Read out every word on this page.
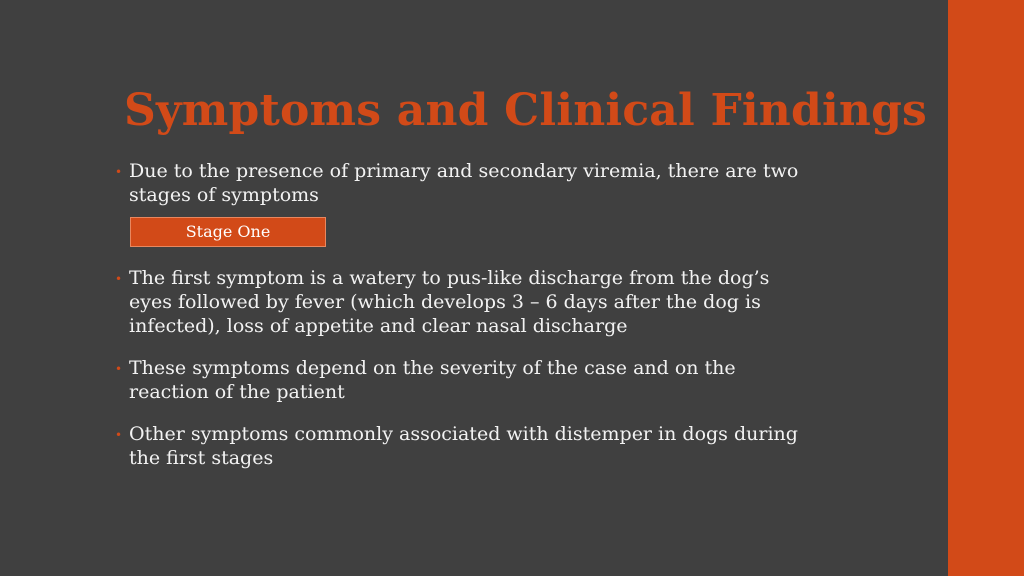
Symptoms and Clinical Findings
• Due to the presence of primary and secondary viremia, there are two
stages of symptoms
Stage One
• The first symptom is a watery to pus-like discharge from the dog’s
eyes followed by fever (which develops 3 – 6 days after the dog is
infected), loss of appetite and clear nasal discharge
• These symptoms depend on the severity of the case and on the
reaction of the patient
• Other symptoms commonly associated with distemper in dogs during
the first stages
